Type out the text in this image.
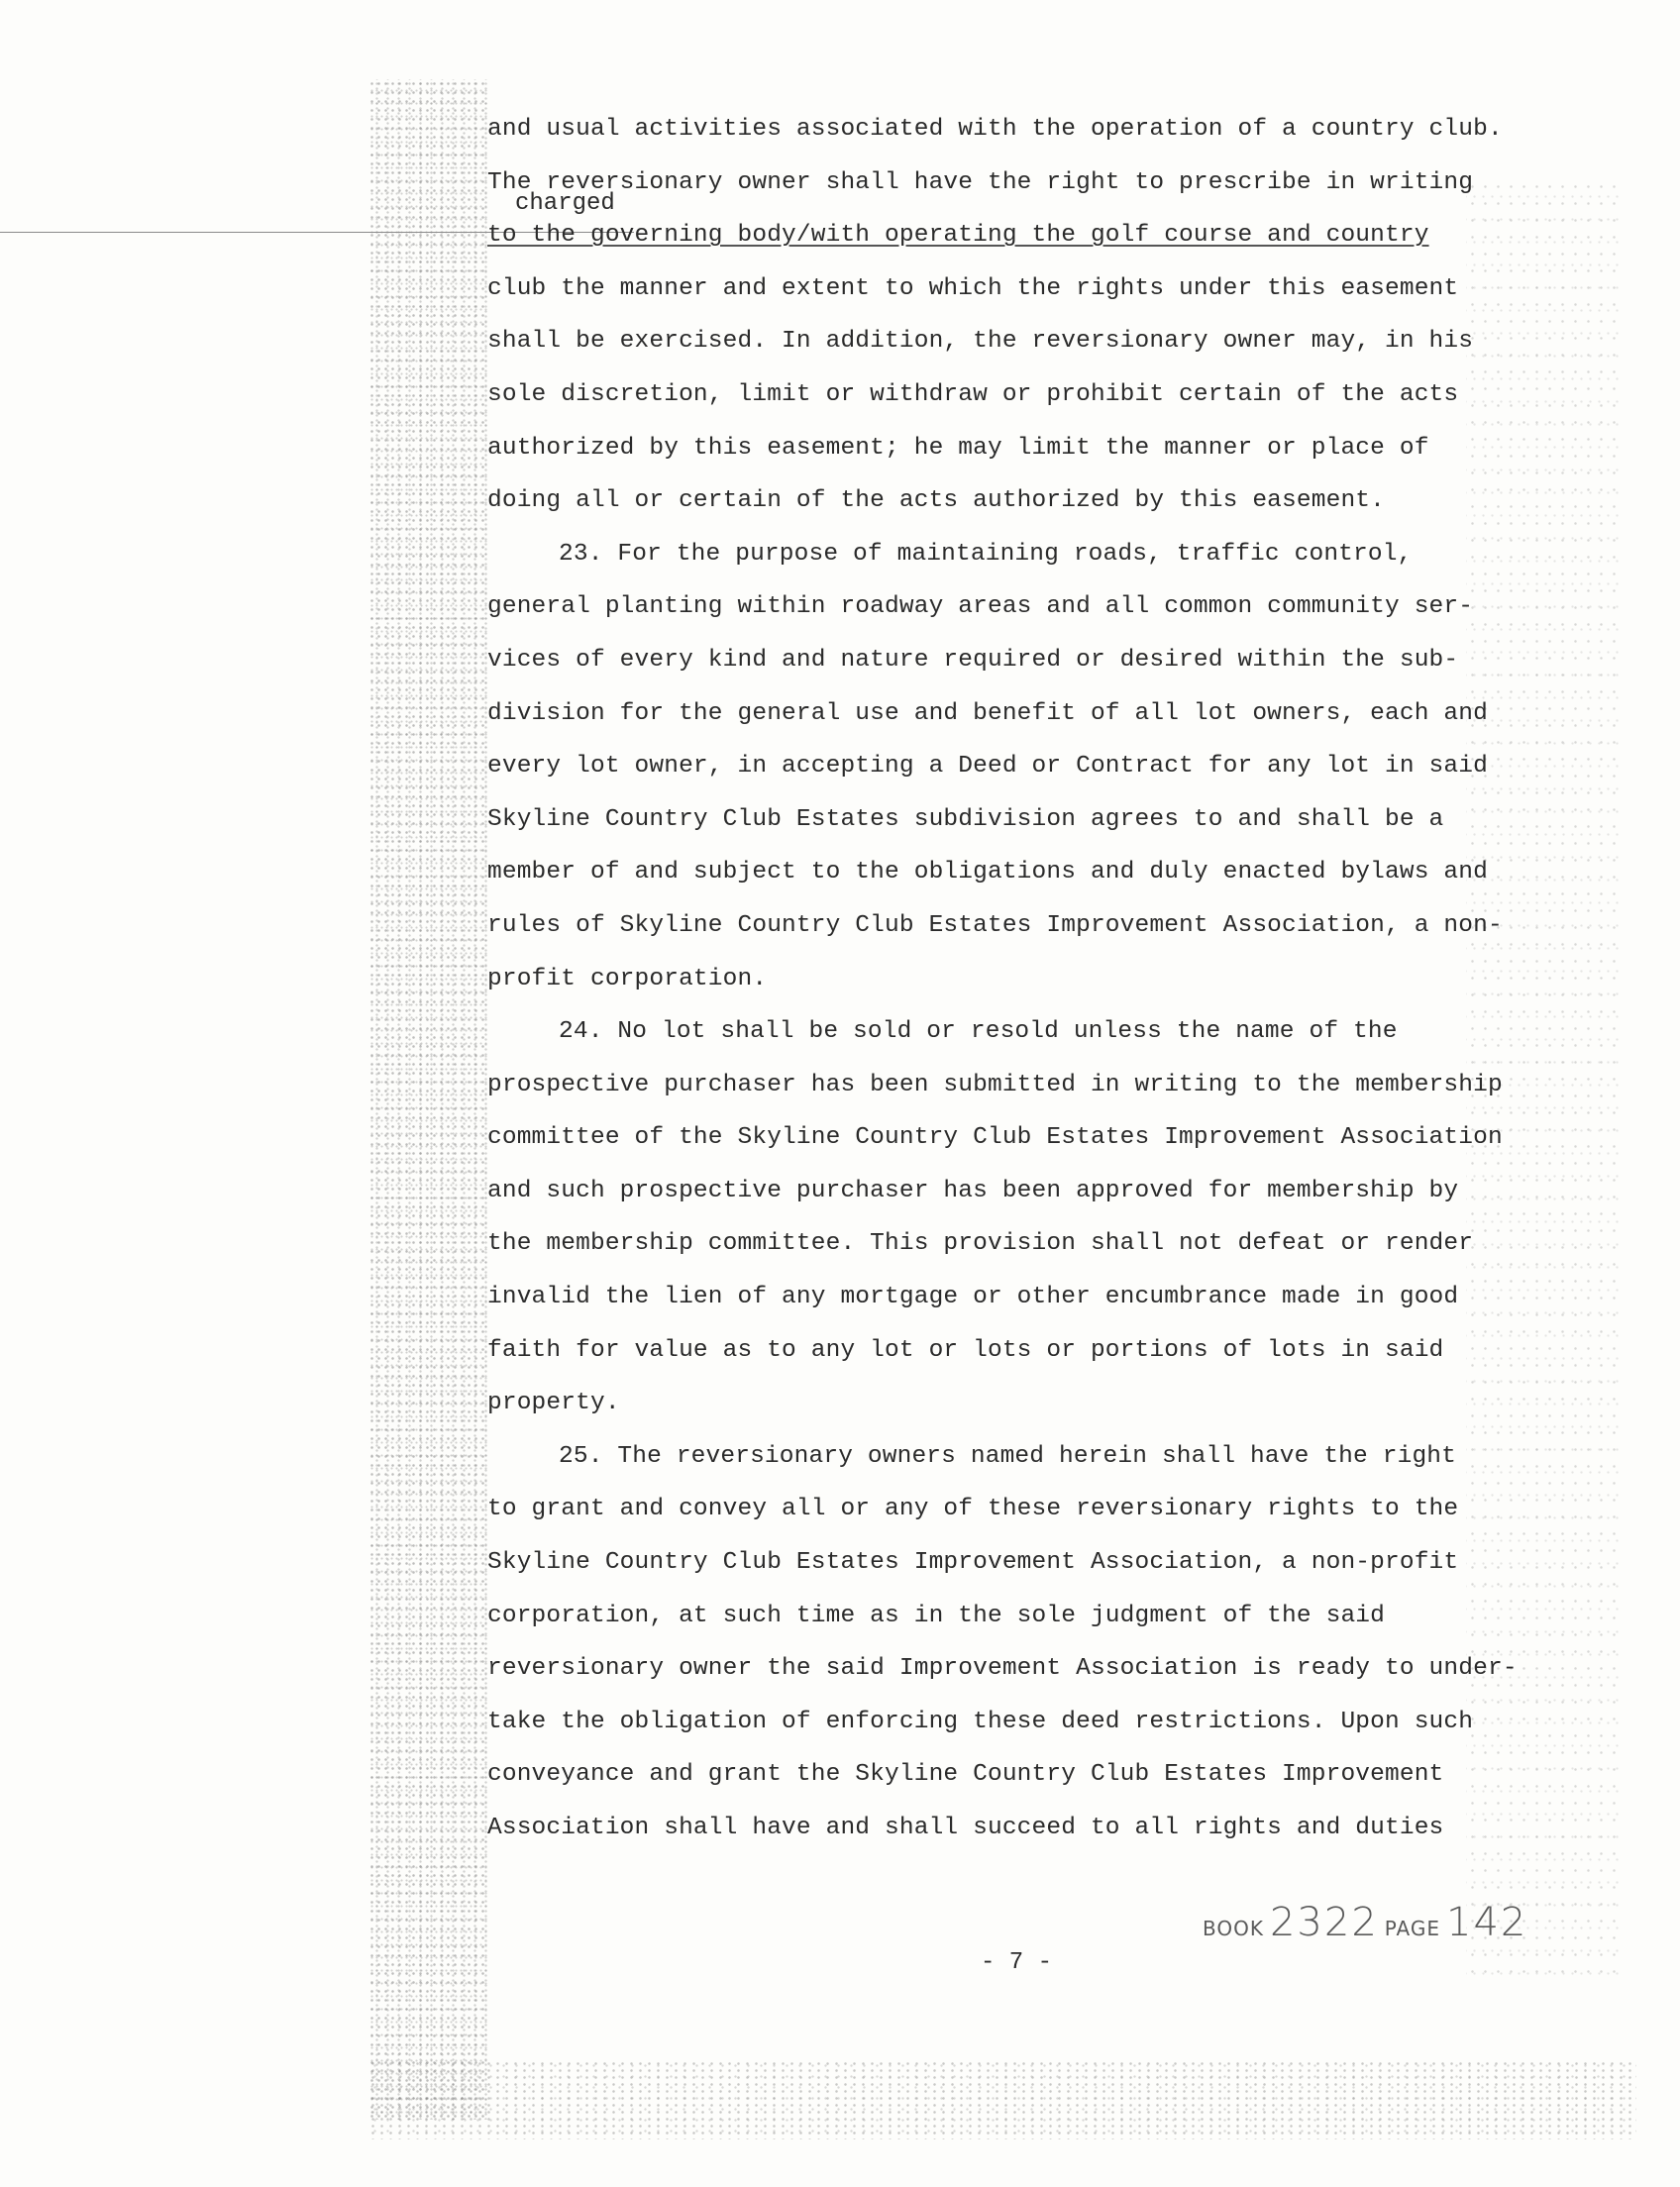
charged
and usual activities associated with the operation of a country club.
The reversionary owner shall have the right to prescribe in writing
to the governing body/with operating the golf course and country
club the manner and extent to which the rights under this easement
shall be exercised. In addition, the reversionary owner may, in his
sole discretion, limit or withdraw or prohibit certain of the acts
authorized by this easement; he may limit the manner or place of
doing all or certain of the acts authorized by this easement.
23. For the purpose of maintaining roads, traffic control,
general planting within roadway areas and all common community ser-
vices of every kind and nature required or desired within the sub-
division for the general use and benefit of all lot owners, each and
every lot owner, in accepting a Deed or Contract for any lot in said
Skyline Country Club Estates subdivision agrees to and shall be a
member of and subject to the obligations and duly enacted bylaws and
rules of Skyline Country Club Estates Improvement Association, a non-
profit corporation.
24. No lot shall be sold or resold unless the name of the
prospective purchaser has been submitted in writing to the membership
committee of the Skyline Country Club Estates Improvement Association
and such prospective purchaser has been approved for membership by
the membership committee. This provision shall not defeat or render
invalid the lien of any mortgage or other encumbrance made in good
faith for value as to any lot or lots or portions of lots in said
property.
25. The reversionary owners named herein shall have the right
to grant and convey all or any of these reversionary rights to the
Skyline Country Club Estates Improvement Association, a non-profit
corporation, at such time as in the sole judgment of the said
reversionary owner the said Improvement Association is ready to under-
take the obligation of enforcing these deed restrictions. Upon such
conveyance and grant the Skyline Country Club Estates Improvement
Association shall have and shall succeed to all rights and duties
- 7 -
BOOK 2322 PAGE 142
